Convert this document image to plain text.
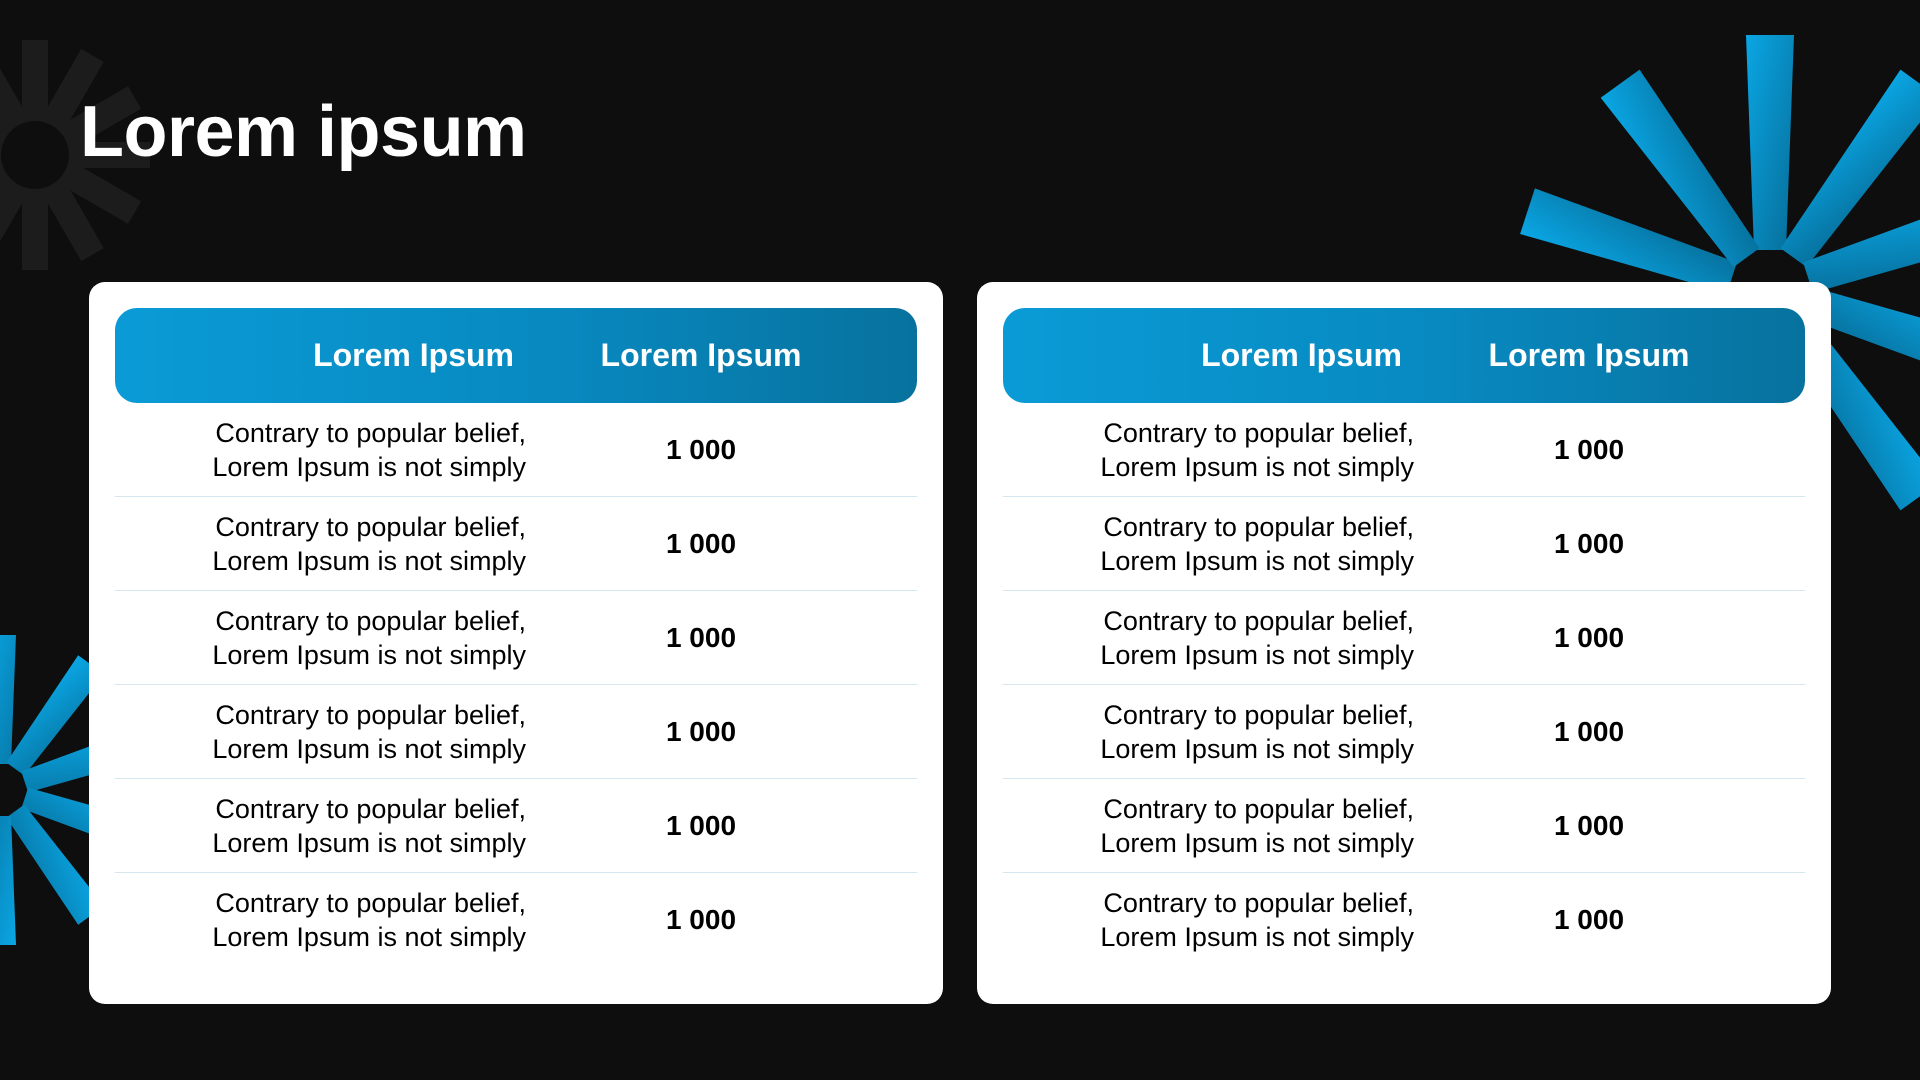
Lorem ipsum
Lorem Ipsum	Lorem Ipsum
Contrary to popular belief,
Lorem Ipsum is not simply
1 000
Contrary to popular belief,
Lorem Ipsum is not simply
1 000
Contrary to popular belief,
Lorem Ipsum is not simply
1 000
Contrary to popular belief,
Lorem Ipsum is not simply
1 000
Contrary to popular belief,
Lorem Ipsum is not simply
1 000
Contrary to popular belief,
Lorem Ipsum is not simply
1 000
Lorem Ipsum	Lorem Ipsum
Contrary to popular belief,
Lorem Ipsum is not simply
1 000
Contrary to popular belief,
Lorem Ipsum is not simply
1 000
Contrary to popular belief,
Lorem Ipsum is not simply
1 000
Contrary to popular belief,
Lorem Ipsum is not simply
1 000
Contrary to popular belief,
Lorem Ipsum is not simply
1 000
Contrary to popular belief,
Lorem Ipsum is not simply
1 000
